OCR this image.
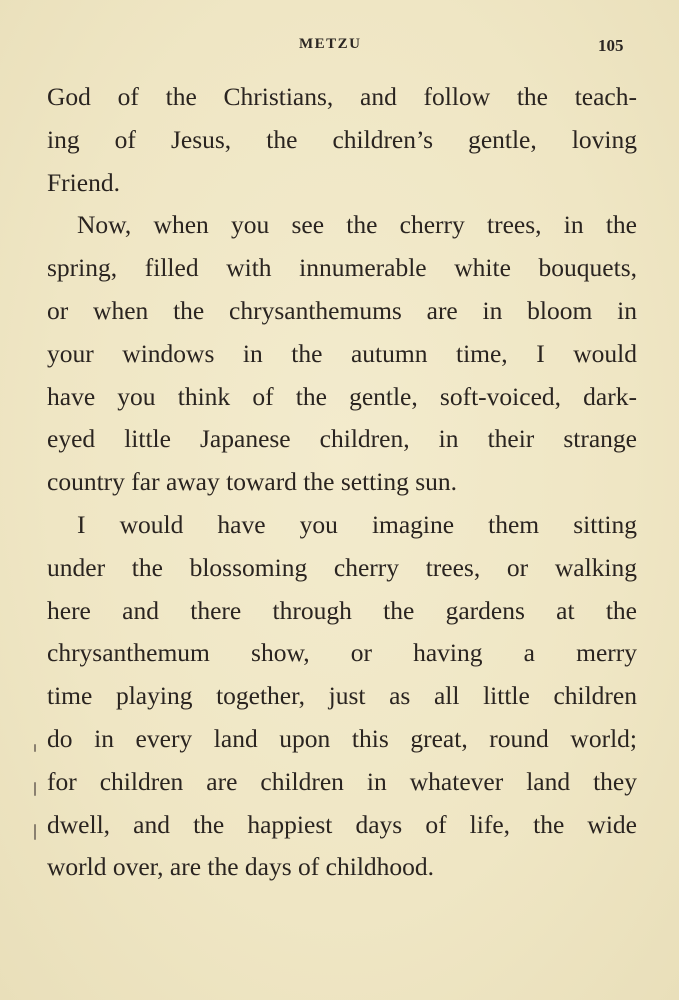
METZU	105

God of the Christians, and follow the teach-
ing of Jesus, the children’s gentle, loving
Friend.

Now, when you see the cherry trees, in the
spring, filled with innumerable white bouquets,
or when the chrysanthemums are in bloom in
your windows in the autumn time, I would
have you think of the gentle, soft-voiced, dark-
eyed little Japanese children, in their strange
country far away toward the setting sun.

I would have you imagine them sitting
under the blossoming cherry trees, or walking
here and there through the gardens at the
chrysanthemum show, or having a merry
time playing together, just as all little children
do in every land upon this great, round world;
for children are children in whatever land they
dwell, and the happiest days of life, the wide
world over, are the days of childhood.
